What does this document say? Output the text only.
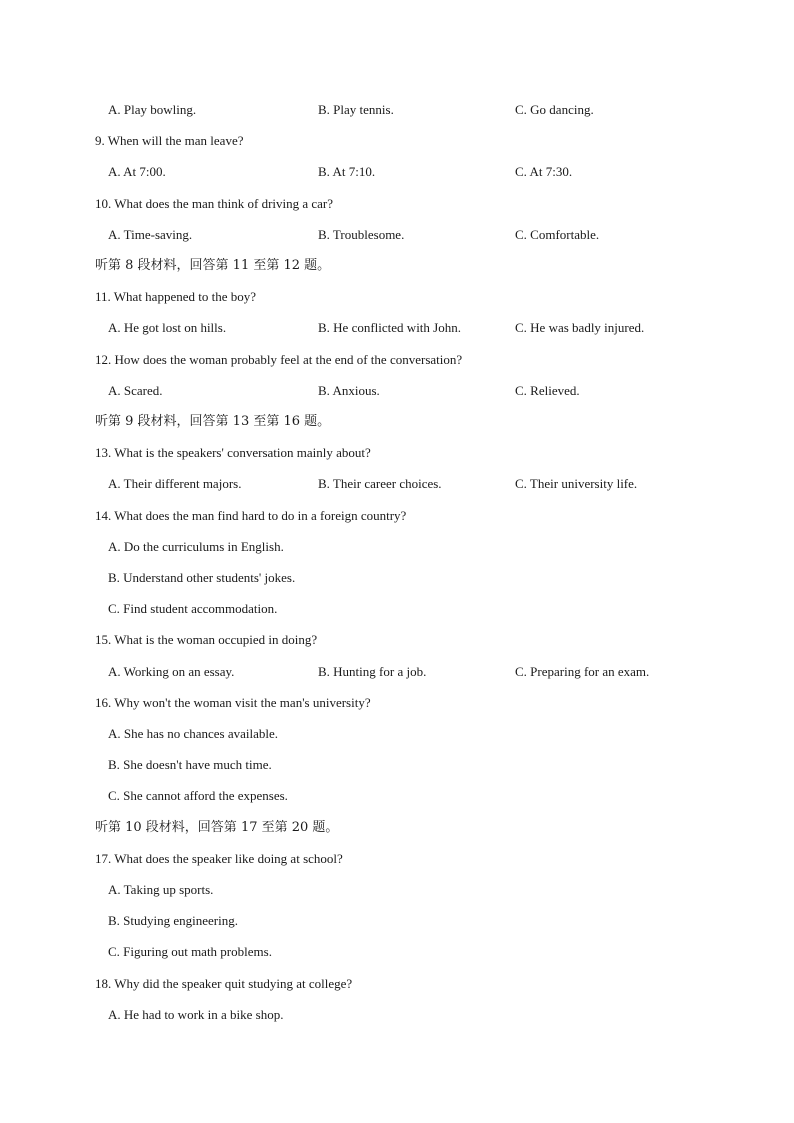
A. Play bowling.	B. Play tennis.	C. Go dancing.
9. When will the man leave?
A. At 7:00.	B. At 7:10.	C. At 7:30.
10. What does the man think of driving a car?
A. Time-saving.	B. Troublesome.	C. Comfortable.
听第 8 段材料，回答第 11 至第 12 题。
11. What happened to the boy?
A. He got lost on hills.	B. He conflicted with John.	C. He was badly injured.
12. How does the woman probably feel at the end of the conversation?
A. Scared.	B. Anxious.	C. Relieved.
听第 9 段材料，回答第 13 至第 16 题。
13. What is the speakers' conversation mainly about?
A. Their different majors.	B. Their career choices.	C. Their university life.
14. What does the man find hard to do in a foreign country?
A. Do the curriculums in English.
B. Understand other students' jokes.
C. Find student accommodation.
15. What is the woman occupied in doing?
A. Working on an essay.	B. Hunting for a job.	C. Preparing for an exam.
16. Why won't the woman visit the man's university?
A. She has no chances available.
B. She doesn't have much time.
C. She cannot afford the expenses.
听第 10 段材料，回答第 17 至第 20 题。
17. What does the speaker like doing at school?
A. Taking up sports.
B. Studying engineering.
C. Figuring out math problems.
18. Why did the speaker quit studying at college?
A. He had to work in a bike shop.
